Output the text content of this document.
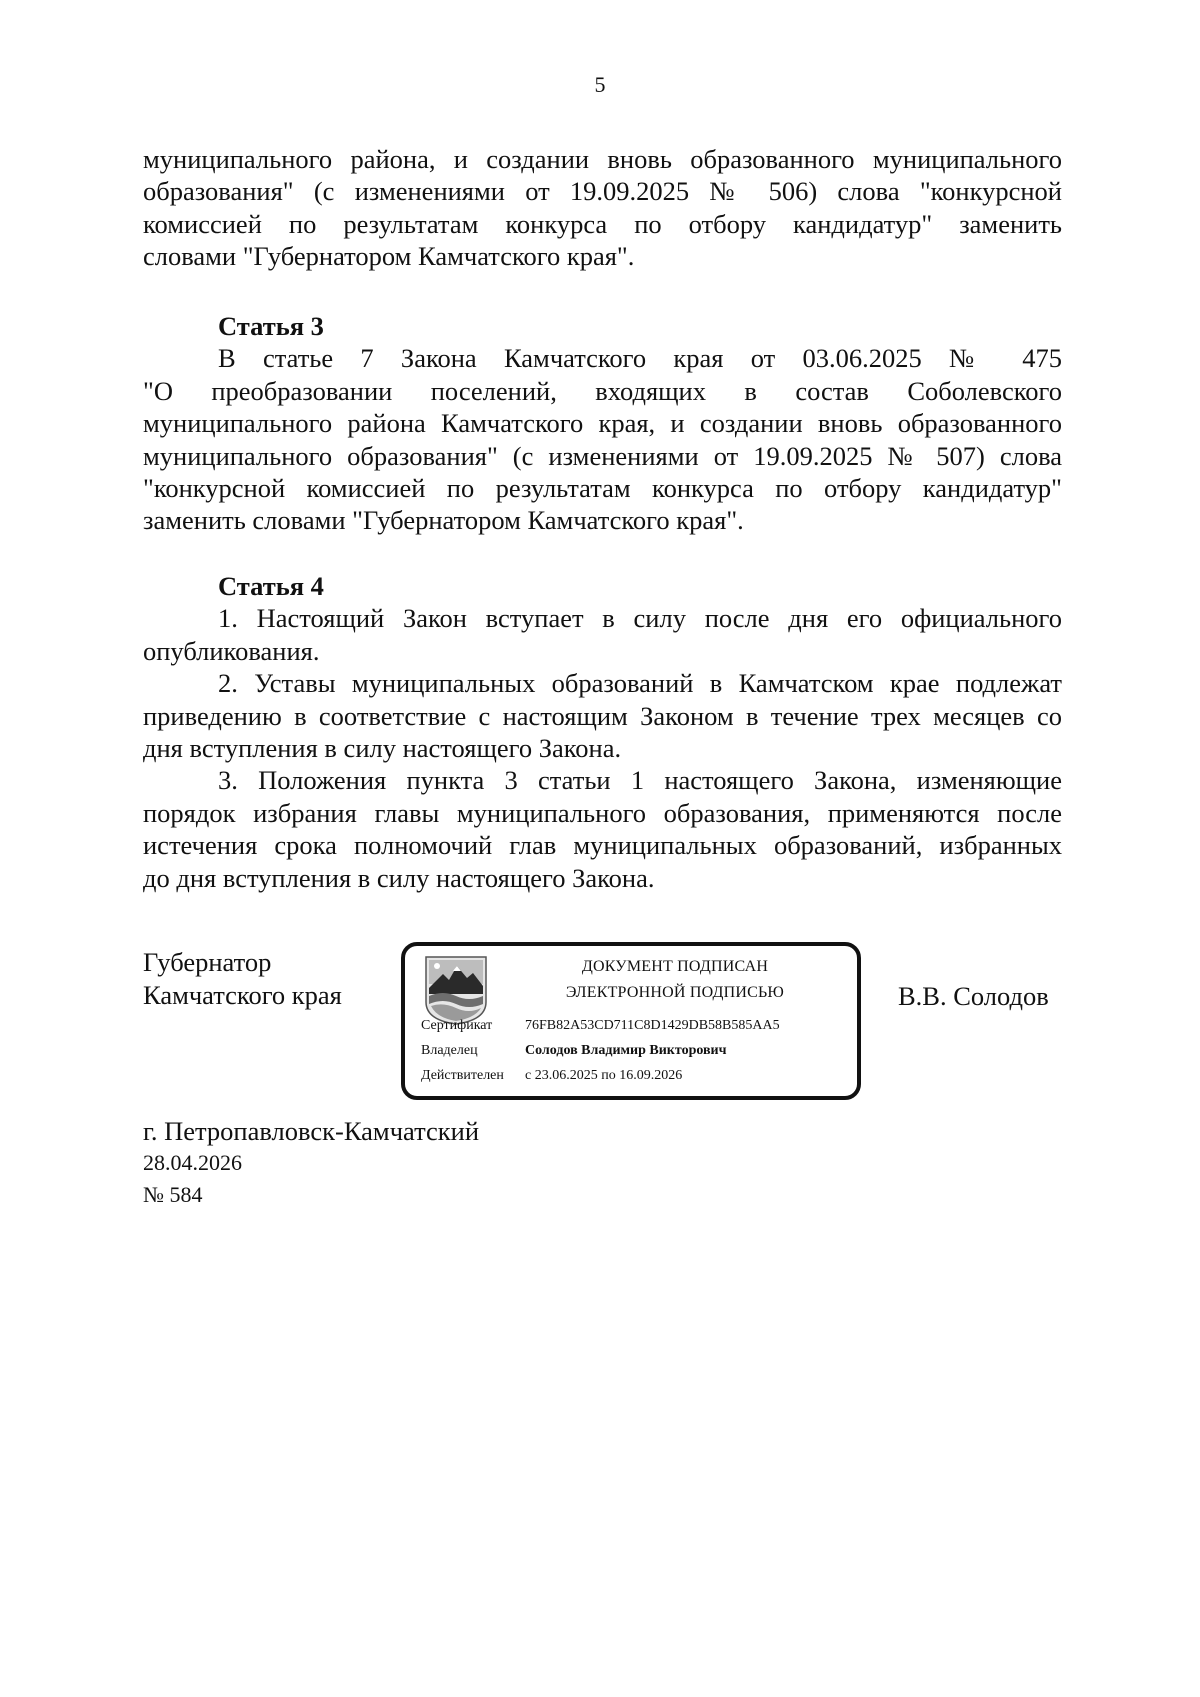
5

муниципального района, и создании вновь образованного муниципального

образования" (с изменениями от 19.09.2025 № 506) слова "конкурсной

комиссией по результатам конкурса по отбору кандидатур" заменить

словами "Губернатором Камчатского края".

Статья 3

В статье 7 Закона Камчатского края от 03.06.2025 № 475

"О преобразовании поселений, входящих в состав Соболевского

муниципального района Камчатского края, и создании вновь образованного

муниципального образования" (с изменениями от 19.09.2025 № 507) слова

"конкурсной комиссией по результатам конкурса по отбору кандидатур"

заменить словами "Губернатором Камчатского края".

Статья 4

1. Настоящий Закон вступает в силу после дня его официального

опубликования.

2. Уставы муниципальных образований в Камчатском крае подлежат

приведению в соответствие с настоящим Законом в течение трех месяцев со

дня вступления в силу настоящего Закона.

3. Положения пункта 3 статьи 1 настоящего Закона, изменяющие

порядок избрания главы муниципального образования, применяются после

истечения срока полномочий глав муниципальных образований, избранных

до дня вступления в силу настоящего Закона.

Губернатор
Камчатского края	В.В. Солодов
ДОКУМЕНТ ПОДПИСАН
ЭЛЕКТРОННОЙ ПОДПИСЬЮ
Сертификат 76FB82A53CD711C8D1429DB58B585AA5
Владелец	Солодов Владимир Викторович
Действителен с 23.06.2025 по 16.09.2026
г. Петропавловск-Камчатский
28.04.2026
№ 584
